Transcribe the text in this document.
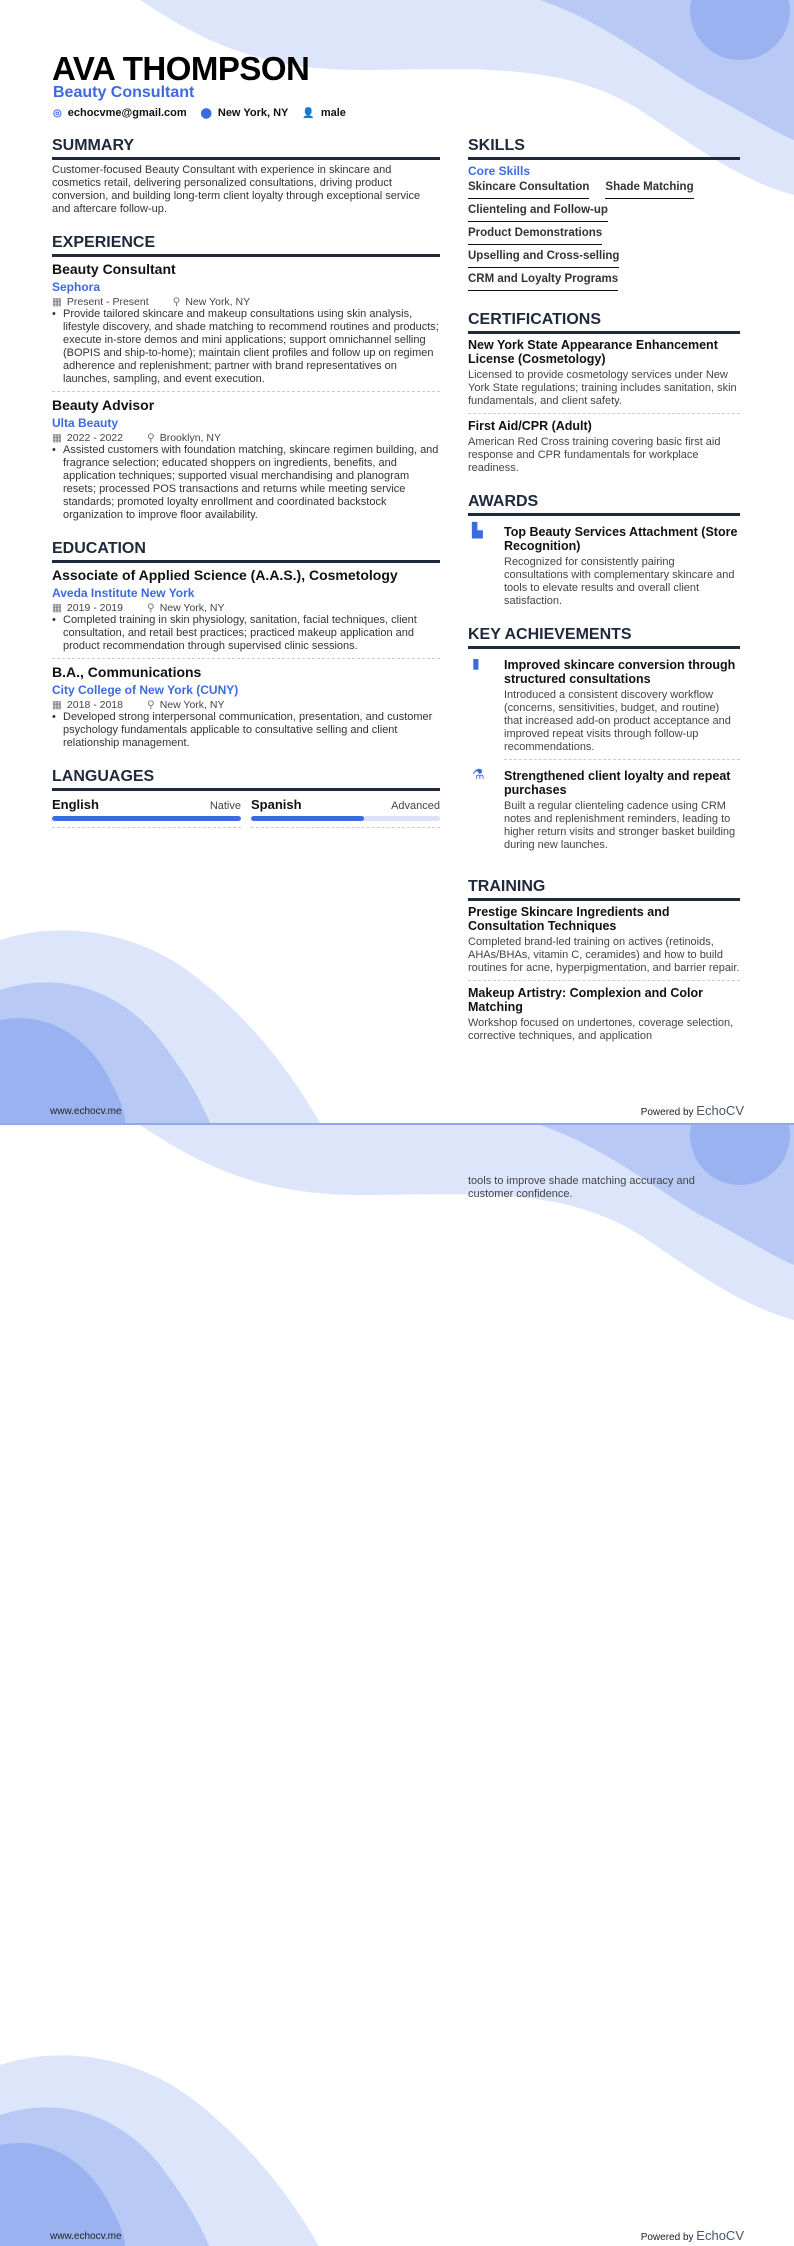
AVA THOMPSON
Beauty Consultant
◎ echocvme@gmail.com ⬤ New York, NY 👤 male
SUMMARY
Customer-focused Beauty Consultant with experience in skincare and cosmetics retail, delivering personalized consultations, driving product conversion, and building long-term client loyalty through exceptional service and aftercare follow-up.
EXPERIENCE
Beauty Consultant
Sephora
▦ Present - Present ⚲ New York, NY
• Provide tailored skincare and makeup consultations using skin analysis, lifestyle discovery, and shade matching to recommend routines and products; execute in-store demos and mini applications; support omnichannel selling (BOPIS and ship-to-home); maintain client profiles and follow up on regimen adherence and replenishment; partner with brand representatives on launches, sampling, and event execution.
Beauty Advisor
Ulta Beauty
▦ 2022 - 2022 ⚲ Brooklyn, NY
• Assisted customers with foundation matching, skincare regimen building, and fragrance selection; educated shoppers on ingredients, benefits, and application techniques; supported visual merchandising and planogram resets; processed POS transactions and returns while meeting service standards; promoted loyalty enrollment and coordinated backstock organization to improve floor availability.
EDUCATION
Associate of Applied Science (A.A.S.), Cosmetology
Aveda Institute New York
▦ 2019 - 2019 ⚲ New York, NY
• Completed training in skin physiology, sanitation, facial techniques, client consultation, and retail best practices; practiced makeup application and product recommendation through supervised clinic sessions.
B.A., Communications
City College of New York (CUNY)
▦ 2018 - 2018 ⚲ New York, NY
• Developed strong interpersonal communication, presentation, and customer psychology fundamentals applicable to consultative selling and client relationship management.
LANGUAGES
English	Native Spanish	Advanced
SKILLS
Core Skills
Skincare Consultation Shade Matching
Clienteling and Follow-up
Product Demonstrations
Upselling and Cross-selling
CRM and Loyalty Programs
CERTIFICATIONS
New York State Appearance Enhancement License (Cosmetology)
Licensed to provide cosmetology services under New York State regulations; training includes sanitation, skin fundamentals, and client safety.
First Aid/CPR (Adult)
American Red Cross training covering basic first aid response and CPR fundamentals for workplace readiness.
AWARDS
▙	Top Beauty Services Attachment (Store Recognition)
Recognized for consistently pairing consultations with complementary skincare and tools to elevate results and overall client satisfaction.
KEY ACHIEVEMENTS
▮	Improved skincare conversion through structured consultations
Introduced a consistent discovery workflow (concerns, sensitivities, budget, and routine) that increased add-on product acceptance and improved repeat visits through follow-up recommendations.
⚗	Strengthened client loyalty and repeat purchases
Built a regular clienteling cadence using CRM notes and replenishment reminders, leading to higher return visits and stronger basket building during new launches.
TRAINING
Prestige Skincare Ingredients and Consultation Techniques
Completed brand-led training on actives (retinoids, AHAs/BHAs, vitamin C, ceramides) and how to build routines for acne, hyperpigmentation, and barrier repair.
Makeup Artistry: Complexion and Color Matching
Workshop focused on undertones, coverage selection, corrective techniques, and application
www.echocv.me	Powered by EchoCV
tools to improve shade matching accuracy and customer confidence.
www.echocv.me	Powered by EchoCV
